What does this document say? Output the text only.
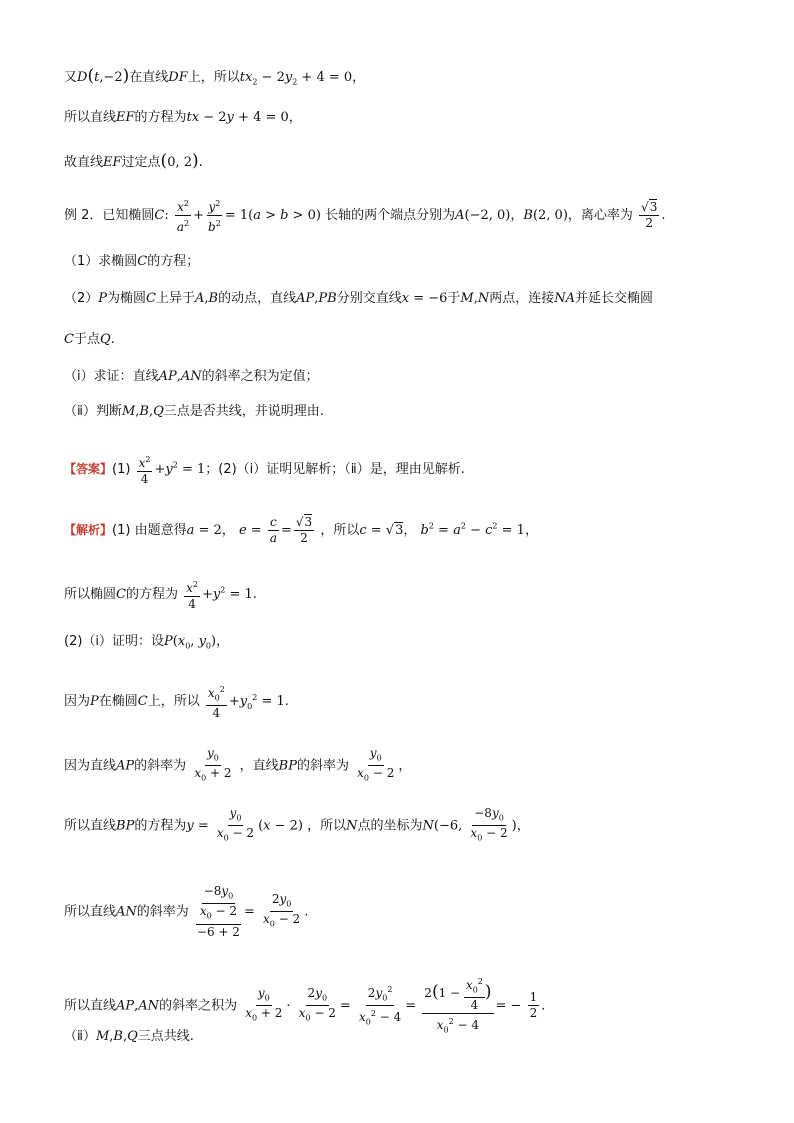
又D(t,−2)在直线DF上，所以$tx_2 - 2y_2 + 4 = 0$，
所以直线EF的方程为tx − 2y + 4 = 0，
故直线EF过定点(0, 2).
例 2．已知椭圆C: $\frac{x^2}{a^2} + \frac{y^2}{b^2} = 1(a > b > 0)$ 长轴的两个端点分别为A(−2, 0)，B(2, 0)，离心率为 $\frac{√3}{2}$ .
（1）求椭圆C的方程；
（2）P为椭圆C上异于A,B的动点，直线AP,PB分别交直线x = −6于M,N两点，连接NA并延长交椭圆
C于点Q.
（ⅰ）求证：直线AP,AN的斜率之积为定值；
（ⅱ）判断M,B,Q三点是否共线，并说明理由.
【答案】$(1) \frac{x^2}{4} +y^2 = 1$；(2)（ⅰ）证明见解析；（ⅱ）是，理由见解析.
【解析】(1) 由题意得a = 2， $e = \frac{c}{a} = \frac{√3}{2}$ ，所以c = √3， $b^2 = a^2 - c^2 = 1$，
所以椭圆C的方程为 $\frac{x^2}{4} +y^2 = 1$.
(2)（ⅰ）证明：设$P(x_0$, $y_0$)，
因为P在椭圆C上，所以 $\frac{x_0^2}{4} +y_0^2 = 1$.
因为直线AP的斜率为 $\frac{y_0}{x_0 + 2}$ ，直线BP的斜率为 $\frac{y_0}{x_0 - 2}$ ，
所以直线BP的方程为$y = \frac{y_0}{x_0 - 2} (x - 2)$ ，所以N点的坐标为N(−6, $\frac{-8y_0}{x_0 - 2}$ )，
所以直线AN的斜率为 $\frac{\frac{-8y_0}{x_0 - 2}}{-6 + 2} = \frac{2y_0}{x_0 - 2}$ .
所以直线AP,AN的斜率之积为 $\frac{y_0}{x_0 + 2} \cdot \frac{2y_0}{x_0 - 2} = \frac{2y_0^2}{x_0^2 - 4} = \frac{2(1 - \frac{x_0^2}{4} )}{x_0^2 - 4}$ = − $\frac{1}{2}$ .
（ⅱ）M,B,Q三点共线.
